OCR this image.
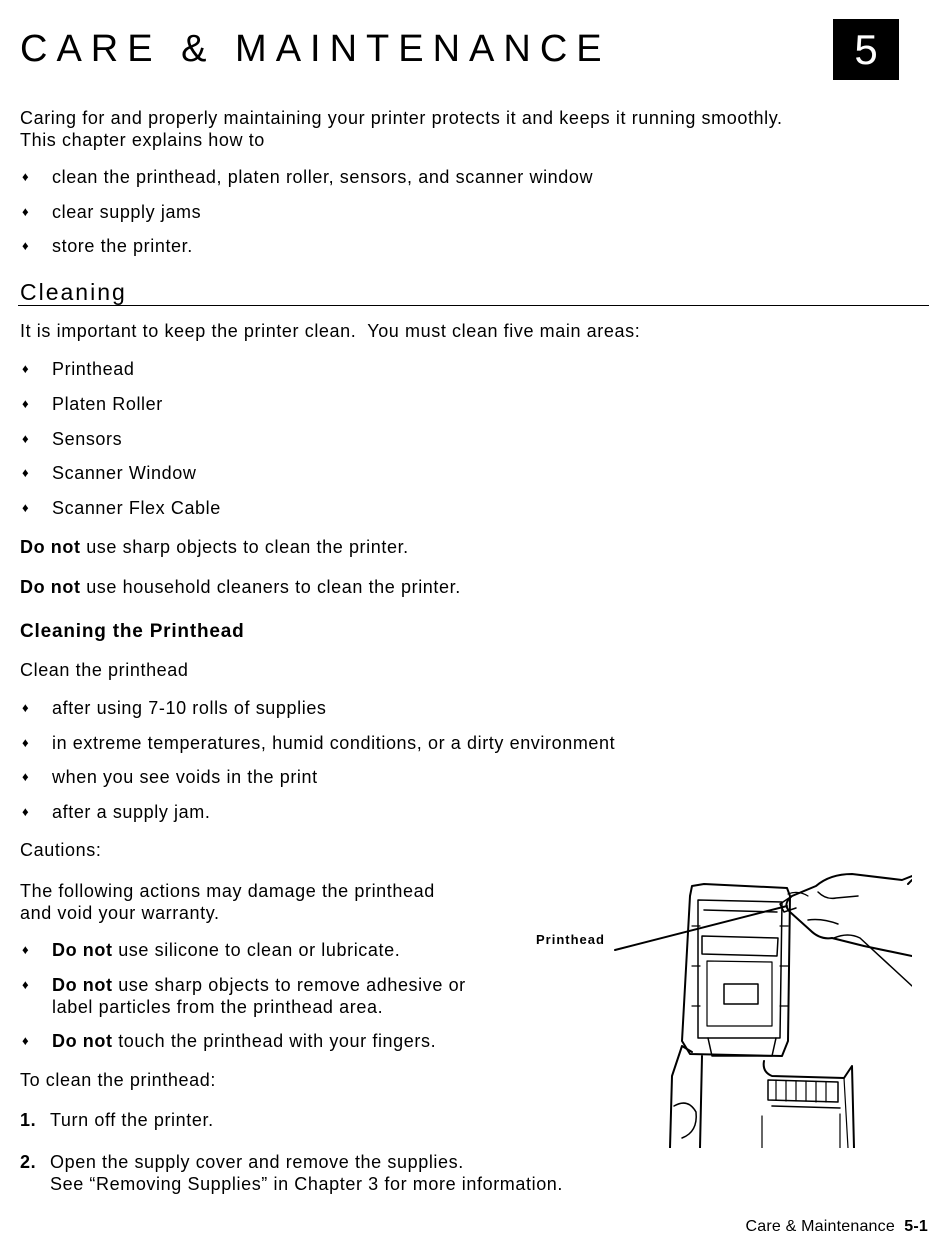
CARE & MAINTENANCE	5
Caring for and properly maintaining your printer protects it and keeps it running smoothly.
This chapter explains how to
♦ clean the printhead, platen roller, sensors, and scanner window
♦ clear supply jams
♦ store the printer.
Cleaning
It is important to keep the printer clean.  You must clean five main areas:
♦ Printhead
♦ Platen Roller
♦ Sensors
♦ Scanner Window
♦ Scanner Flex Cable
Do not use sharp objects to clean the printer.
Do not use household cleaners to clean the printer.
Cleaning the Printhead
Clean the printhead
♦ after using 7-10 rolls of supplies
♦ in extreme temperatures, humid conditions, or a dirty environment
♦ when you see voids in the print
♦ after a supply jam.
Cautions:
The following actions may damage the printhead
and void your warranty.
♦ Do not use silicone to clean or lubricate.
♦ Do not use sharp objects to remove adhesive or
label particles from the printhead area.
♦ Do not touch the printhead with your fingers.
To clean the printhead:
1. Turn off the printer.
2. Open the supply cover and remove the supplies.
See “Removing Supplies” in Chapter 3 for more information.
Printhead
Care & Maintenance 5-1
